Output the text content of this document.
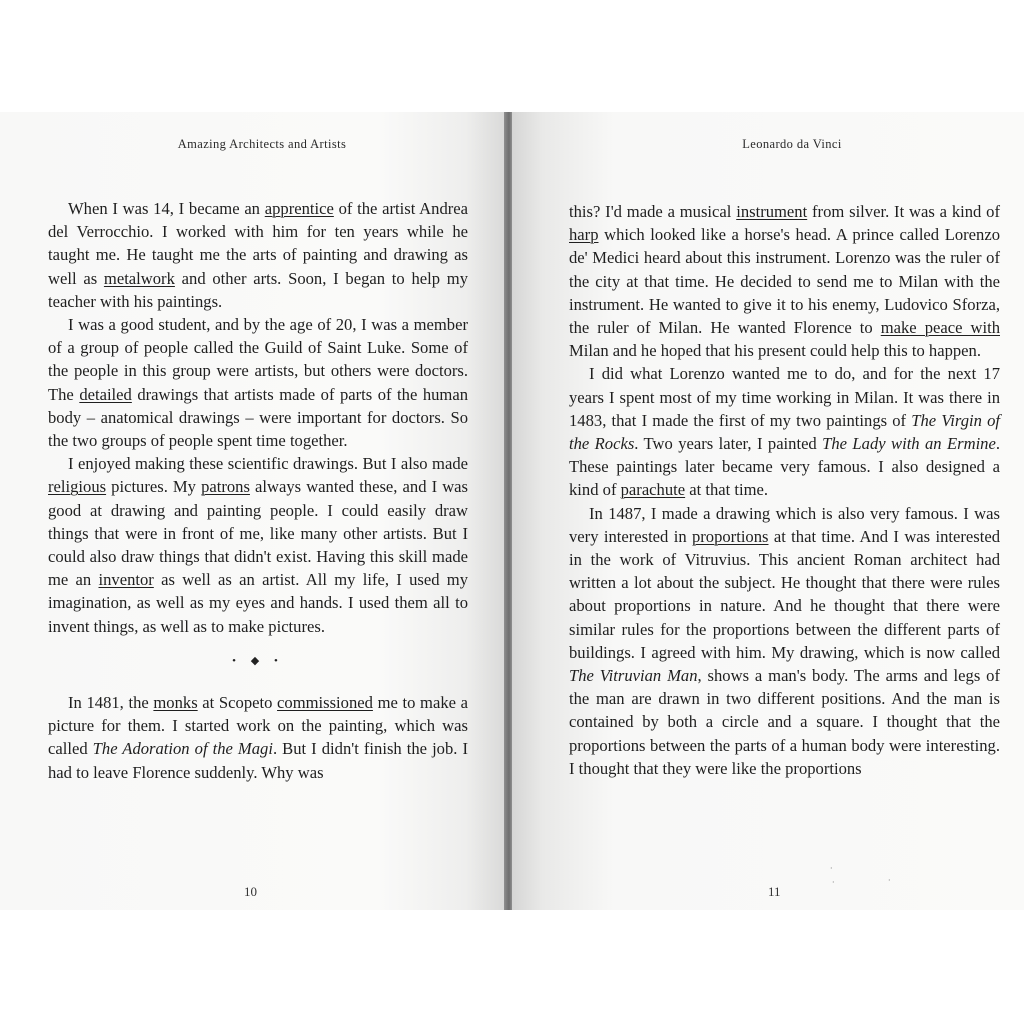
Amazing Architects and Artists

When I was 14, I became an apprentice of the artist Andrea del Verrocchio. I worked with him for ten years while he taught me. He taught me the arts of painting and drawing as well as metalwork and other arts. Soon, I began to help my teacher with his paintings.

I was a good student, and by the age of 20, I was a member of a group of people called the Guild of Saint Luke. Some of the people in this group were artists, but others were doctors. The detailed drawings that artists made of parts of the human body – anatomical drawings – were important for doctors. So the two groups of people spent time together.

I enjoyed making these scientific drawings. But I also made religious pictures. My patrons always wanted these, and I was good at drawing and painting people. I could easily draw things that were in front of me, like many other artists. But I could also draw things that didn't exist. Having this skill made me an inventor as well as an artist. All my life, I used my imagination, as well as my eyes and hands. I used them all to invent things, as well as to make pictures.

• ◆ •

In 1481, the monks at Scopeto commissioned me to make a picture for them. I started work on the painting, which was called The Adoration of the Magi. But I didn't finish the job. I had to leave Florence suddenly. Why was

10
Leonardo da Vinci

this? I'd made a musical instrument from silver. It was a kind of harp which looked like a horse's head. A prince called Lorenzo de' Medici heard about this instrument. Lorenzo was the ruler of the city at that time. He decided to send me to Milan with the instrument. He wanted to give it to his enemy, Ludovico Sforza, the ruler of Milan. He wanted Florence to make peace with Milan and he hoped that his present could help this to happen.

I did what Lorenzo wanted me to do, and for the next 17 years I spent most of my time working in Milan. It was there in 1483, that I made the first of my two paintings of The Virgin of the Rocks. Two years later, I painted The Lady with an Ermine. These paintings later became very famous. I also designed a kind of parachute at that time.

In 1487, I made a drawing which is also very famous. I was very interested in proportions at that time. And I was interested in the work of Vitruvius. This ancient Roman architect had written a lot about the subject. He thought that there were rules about proportions in nature. And he thought that there were similar rules for the proportions between the different parts of buildings. I agreed with him. My drawing, which is now called The Vitruvian Man, shows a man's body. The arms and legs of the man are drawn in two different positions. And the man is contained by both a circle and a square. I thought that the proportions between the parts of a human body were interesting. I thought that they were like the proportions

·
·	·
11
